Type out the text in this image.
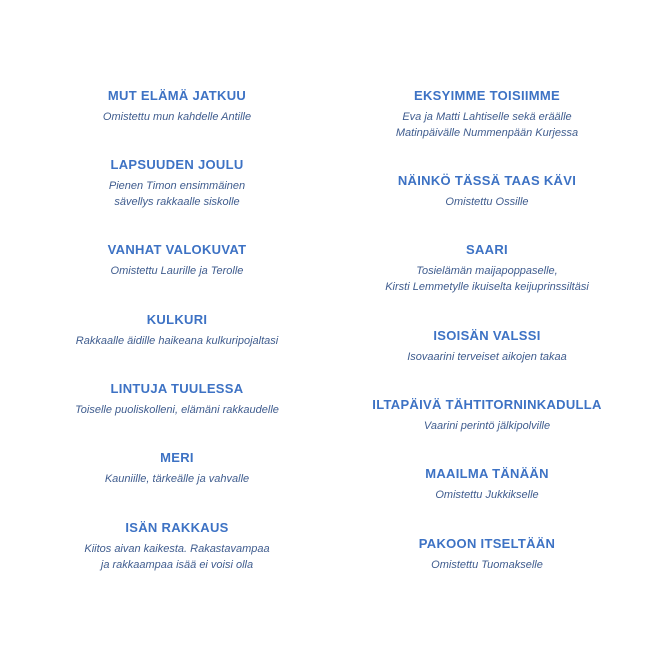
MUT ELÄMÄ JATKUU
Omistettu mun kahdelle Antille
LAPSUUDEN JOULU
Pienen Timon ensimmäinen
sävellys rakkaalle siskolle
VANHAT VALOKUVAT
Omistettu Laurille ja Terolle
KULKURI
Rakkaalle äidille haikeana kulkuripojaltasi
LINTUJA TUULESSA
Toiselle puoliskolleni, elämäni rakkaudelle
MERI
Kauniille, tärkeälle ja vahvalle
ISÄN RAKKAUS
Kiitos aivan kaikesta. Rakastavampaa
ja rakkaampaa isää ei voisi olla
EKSYIMME TOISIIMME
Eva ja Matti Lahtiselle sekä eräälle
Matinpäivälle Nummenpään Kurjessa
NÄINKÖ TÄSSÄ TAAS KÄVI
Omistettu Ossille
SAARI
Tosielämän maijapoppaselle,
Kirsti Lemmetylle ikuiselta keijuprinssiltäsi
ISOISÄN VALSSI
Isovaarini terveiset aikojen takaa
ILTAPÄIVÄ TÄHTITORNINKADULLA
Vaarini perintö jälkipolville
MAAILMA TÄNÄÄN
Omistettu Jukkikselle
PAKOON ITSELTÄÄN
Omistettu Tuomakselle
